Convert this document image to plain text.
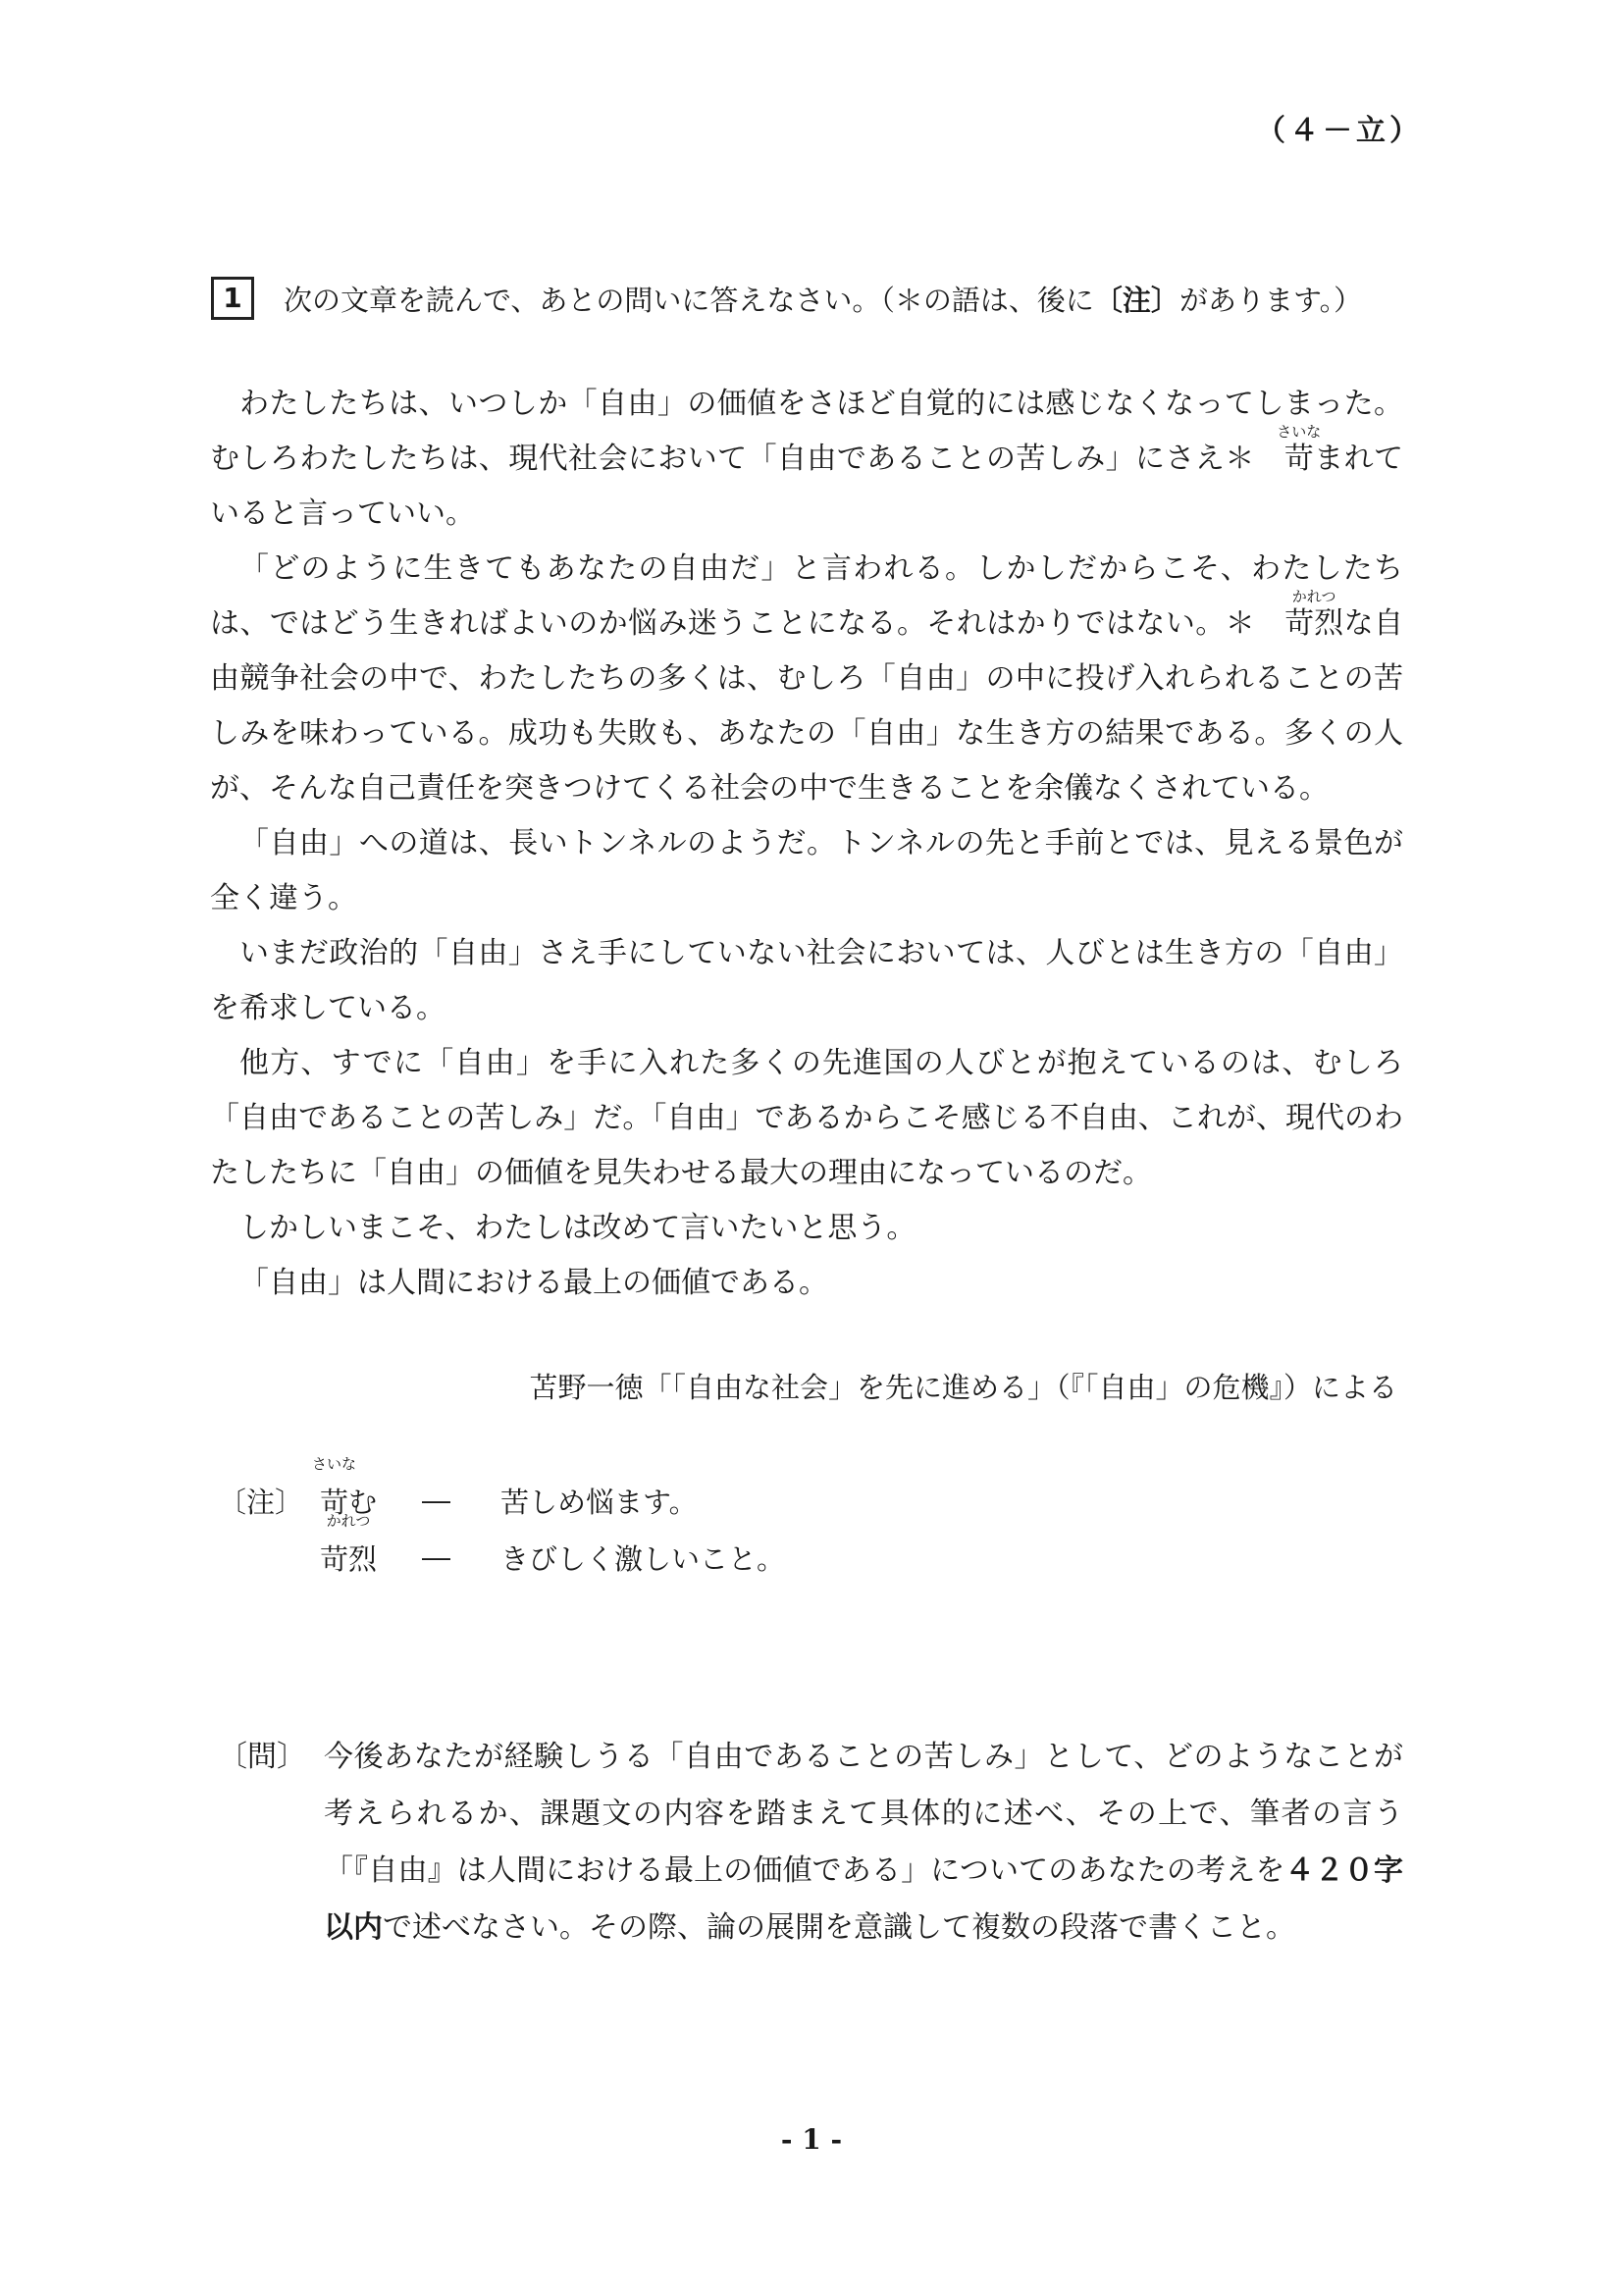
（４－立）
1	次の文章を読んで、あとの問いに答えなさい。（＊の語は、後に 〔注〕 があります。）

わたしたちは、いつしか「自由」の価値をさほど自覚的には感じなくなってしまった。むしろわたしたちは、現代社会において「自由であることの苦しみ」にさえ＊
さいな
苛まれていると言っていい。

「どのように生きてもあなたの自由だ」と言われる。しかしだからこそ、わたしたちは、ではどう生きればよいのか悩み迷うことになる。それはかりではない。＊
かれつ
苛烈な自由競争社会の中で、わたしたちの多くは、むしろ「自由」の中に投げ入れられることの苦しみを味わっている。成功も失敗も、あなたの「自由」な生き方の結果である。多くの人が、そんな自己責任を突きつけてくる社会の中で生きることを余儀なくされている。

「自由」への道は、長いトンネルのようだ。トンネルの先と手前とでは、見える景色が全く違う。

いまだ政治的「自由」さえ手にしていない社会においては、人びとは生き方の「自由」を希求している。

他方、すでに「自由」を手に入れた多くの先進国の人びとが抱えているのは、むしろ「自由であることの苦しみ」だ。「自由」であるからこそ感じる不自由、これが、現代のわたしたちに「自由」の価値を見失わせる最大の理由になっているのだ。

しかしいまこそ、わたしは改めて言いたいと思う。

「自由」は人間における最上の価値である。

苫野一徳「「自由な社会」を先に進める」（『「自由」の危機』）による
〔注〕
さいな
苛む	―	苦しめ悩ます。
かれつ
苛烈	―	きびしく激しいこと。
〔問〕 今後あなたが経験しうる「自由であることの苦しみ」として、どのようなことが考えられるか、課題文の内容を踏まえて具体的に述べ、その上で、筆者の言う「『自由』は人間における最上の価値である」についてのあなたの考えを４２０字以内で述べなさい。その際、論の展開を意識して複数の段落で書くこと。
- 1 -
